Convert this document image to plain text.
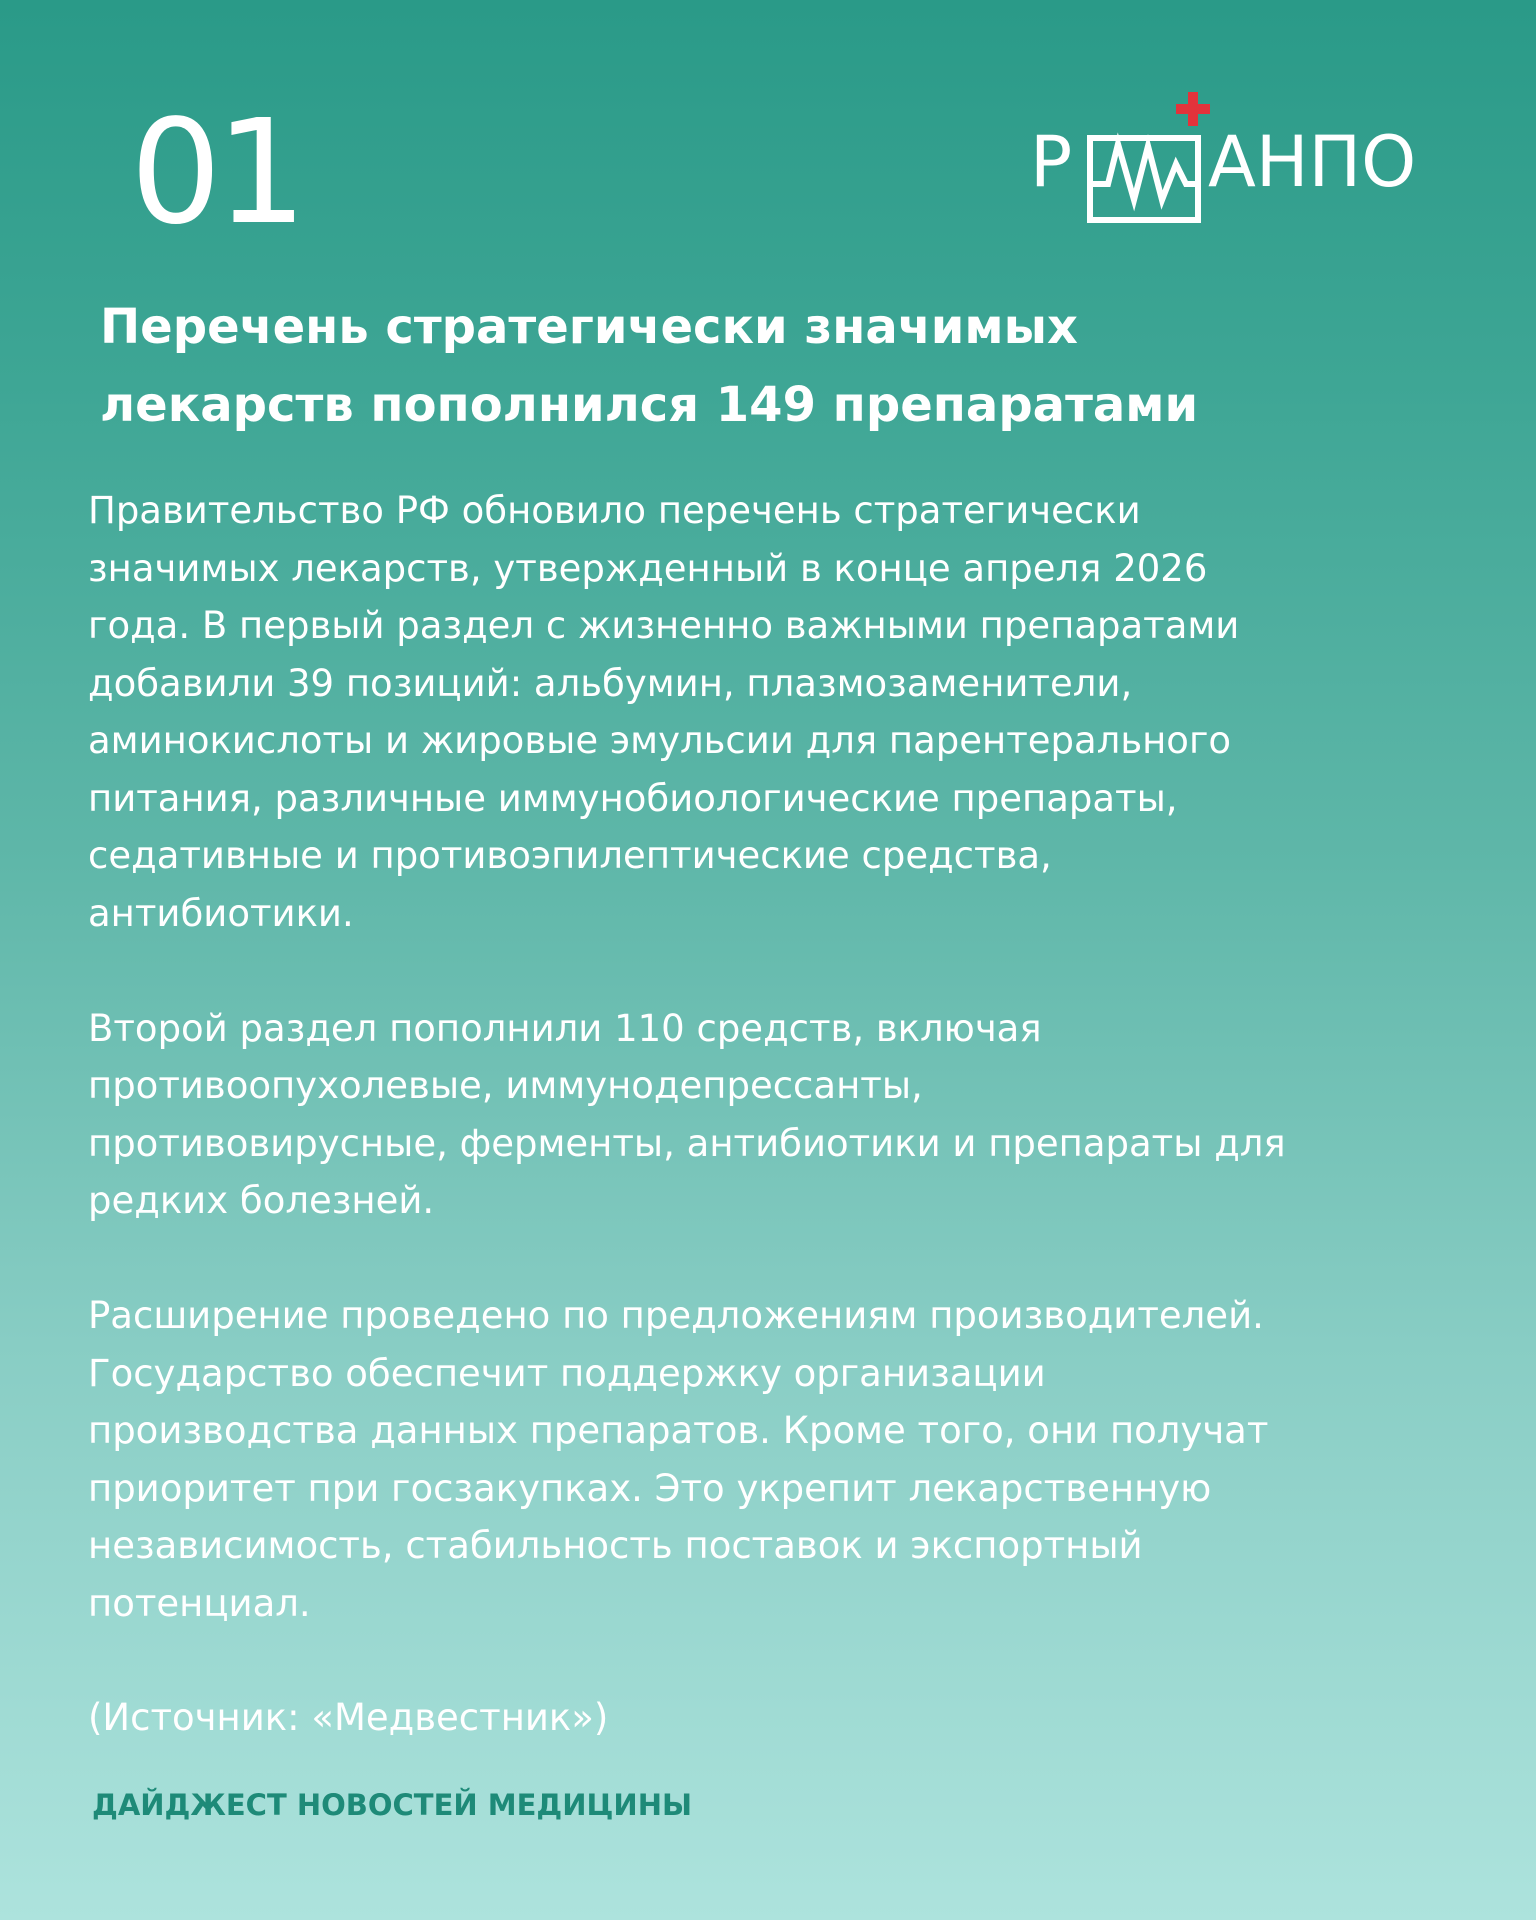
01	Р АНПО
Перечень стратегически значимых
лекарств пополнился 149 препаратами

Правительство РФ обновило перечень стратегически
значимых лекарств, утвержденный в конце апреля 2026
года. В первый раздел с жизненно важными препаратами
добавили 39 позиций: альбумин, плазмозаменители,
аминокислоты и жировые эмульсии для парентерального
питания, различные иммунобиологические препараты,
седативные и противоэпилептические средства,
антибиотики.

Второй раздел пополнили 110 средств, включая
противоопухолевые, иммунодепрессанты,
противовирусные, ферменты, антибиотики и препараты для
редких болезней.

Расширение проведено по предложениям производителей.
Государство обеспечит поддержку организации
производства данных препаратов. Кроме того, они получат
приоритет при госзакупках. Это укрепит лекарственную
независимость, стабильность поставок и экспортный
потенциал.

(Источник: «Медвестник»)

ДАЙДЖЕСТ НОВОСТЕЙ МЕДИЦИНЫ
